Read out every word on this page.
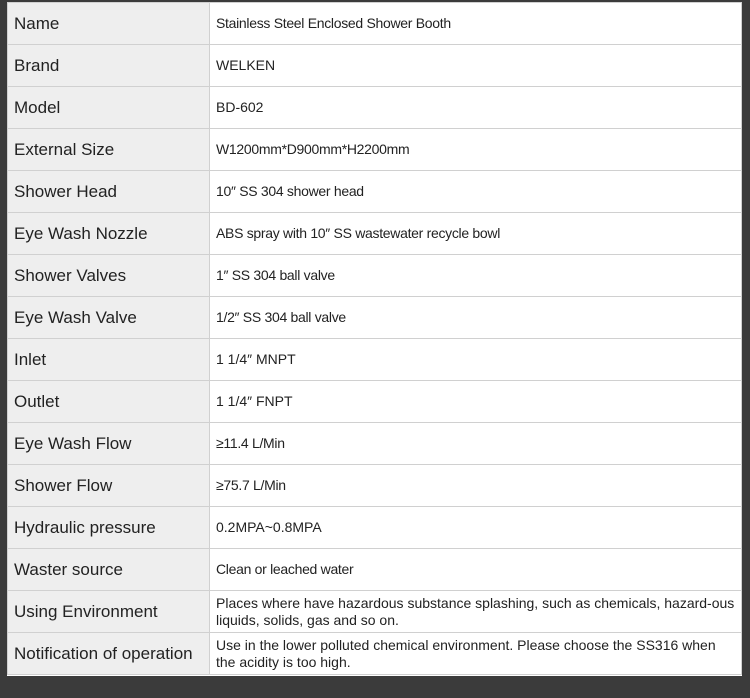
Name	Stainless Steel Enclosed Shower Booth
Brand	WELKEN
Model	BD-602
External Size	W1200mm*D900mm*H2200mm
Shower Head	10″ SS 304 shower head
Eye Wash Nozzle	ABS spray with 10″ SS wastewater recycle bowl
Shower Valves	1″ SS 304 ball valve
Eye Wash Valve	1/2″ SS 304 ball valve
Inlet	1 1/4″ MNPT
Outlet	1 1/4″ FNPT
Eye Wash Flow	≥11.4 L/Min
Shower Flow	≥75.7 L/Min
Hydraulic pressure	0.2MPA~0.8MPA
Waster source	Clean or leached water
Using Environment	Places where have hazardous substance splashing, such as chemicals, hazard-ous liquids, solids, gas and so on.
Notification of operation	Use in the lower polluted chemical environment. Please choose the SS316 when the acidity is too high.
